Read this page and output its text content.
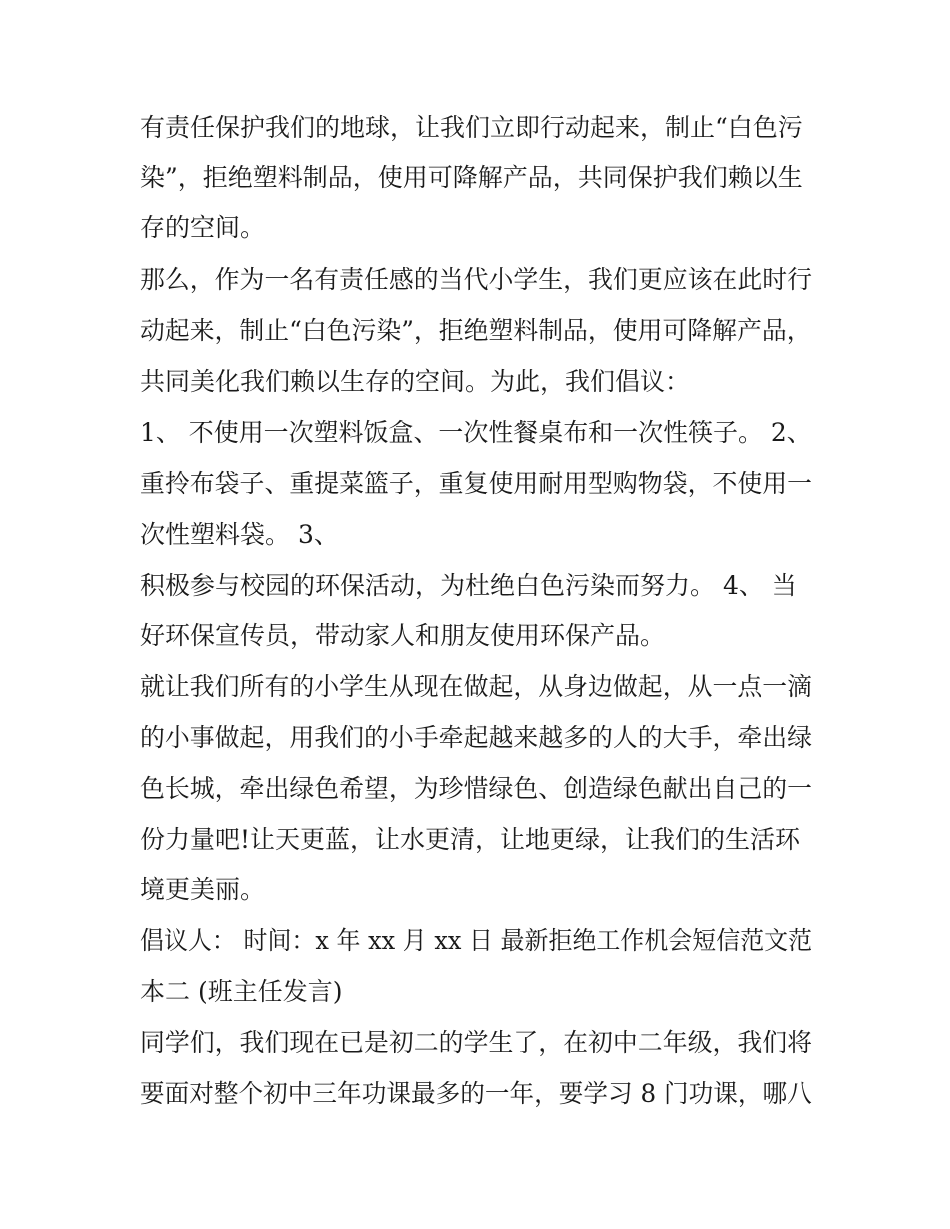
有责任保护我们的地球，让我们立即行动起来，制止“白色污
染”，拒绝塑料制品，使用可降解产品，共同保护我们赖以生
存的空间。
那么，作为一名有责任感的当代小学生，我们更应该在此时行
动起来，制止“白色污染”，拒绝塑料制品，使用可降解产品，
共同美化我们赖以生存的空间。为此，我们倡议：
1、 不使用一次塑料饭盒、一次性餐桌布和一次性筷子。 2、
重拎布袋子、重提菜篮子，重复使用耐用型购物袋，不使用一
次性塑料袋。 3、
积极参与校园的环保活动，为杜绝白色污染而努力。 4、 当
好环保宣传员，带动家人和朋友使用环保产品。
就让我们所有的小学生从现在做起，从身边做起，从一点一滴
的小事做起，用我们的小手牵起越来越多的人的大手，牵出绿
色长城，牵出绿色希望，为珍惜绿色、创造绿色献出自己的一
份力量吧!让天更蓝，让水更清，让地更绿，让我们的生活环
境更美丽。
倡议人： 时间：x 年 xx 月 xx 日 最新拒绝工作机会短信范文范
本二 (班主任发言)
同学们，我们现在已是初二的学生了，在初中二年级，我们将
要面对整个初中三年功课最多的一年，要学习 8 门功课，哪八
